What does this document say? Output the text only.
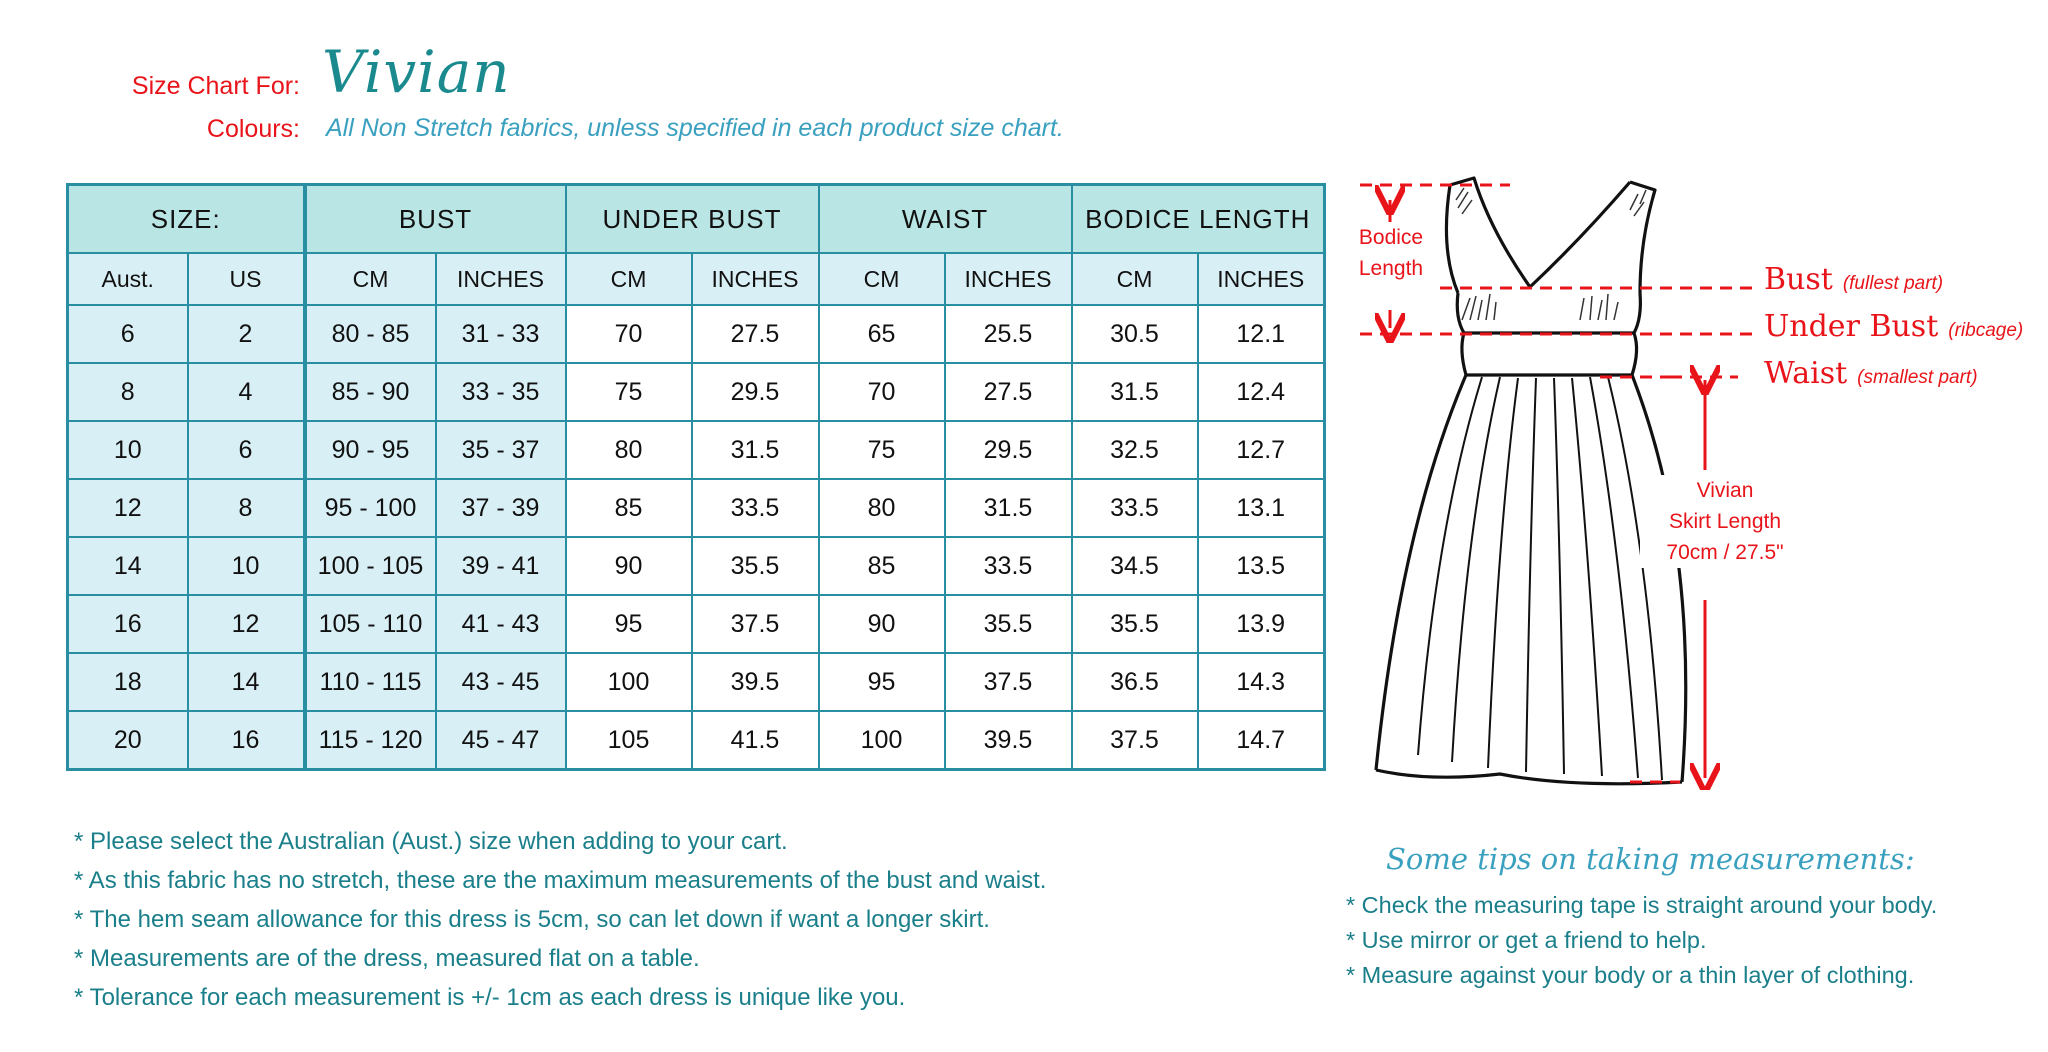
Size Chart For: Vivian
Colours: All Non Stretch fabrics, unless specified in each product size chart.
SIZE:		BUST		UNDER BUST		WAIST		BODICE LENGTH	
Aust.	US	CM	INCHES	CM	INCHES	CM	INCHES	CM	INCHES
6	2	80 - 85	31 - 33	70	27.5	65	25.5	30.5	12.1
8	4	85 - 90	33 - 35	75	29.5	70	27.5	31.5	12.4
10	6	90 - 95	35 - 37	80	31.5	75	29.5	32.5	12.7
12	8	95 - 100	37 - 39	85	33.5	80	31.5	33.5	13.1
14	10	100 - 105	39 - 41	90	35.5	85	33.5	34.5	13.5
16	12	105 - 110	41 - 43	95	37.5	90	35.5	35.5	13.9
18	14	110 - 115	43 - 45	100	39.5	95	37.5	36.5	14.3
20	16	115 - 120	45 - 47	105	41.5	100	39.5	37.5	14.7
* Please select the Australian (Aust.) size when adding to your cart.
* As this fabric has no stretch, these are the maximum measurements of the bust and waist.
* The hem seam allowance for this dress is 5cm, so can let down if want a longer skirt.
* Measurements are of the dress, measured flat on a table.
* Tolerance for each measurement is +/- 1cm as each dress is unique like you.
Bodice
Length	Bust (fullest part)
Under Bust (ribcage)
Waist (smallest part)
Vivian
Skirt Length
70cm / 27.5"
Some tips on taking measurements:
* Check the measuring tape is straight around your body.
* Use mirror or get a friend to help.
* Measure against your body or a thin layer of clothing.
